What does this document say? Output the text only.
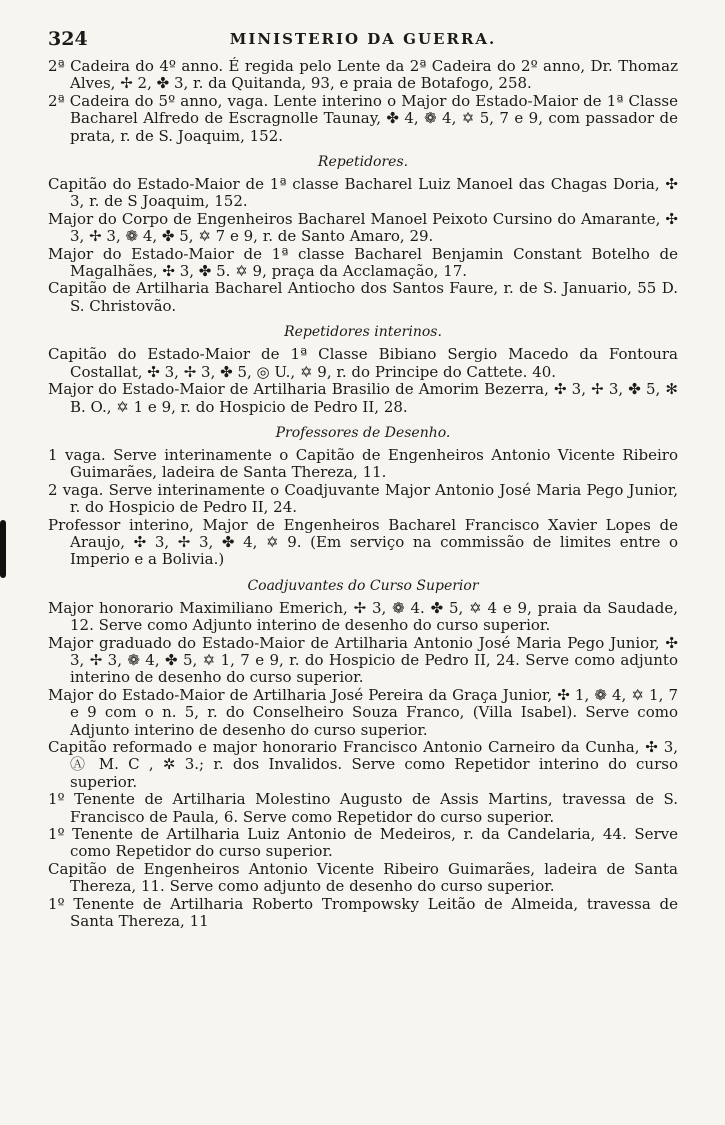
324	MINISTERIO DA GUERRA.

2ª Cadeira do 4º anno. É regida pelo Lente da 2ª Cadeira do 2º anno, Dr. Thomaz Alves, ✢ 2, ✤ 3, r. da Quitanda, 93, e praia de Botafogo, 258.

2ª Cadeira do 5º anno, vaga. Lente interino o Major do Estado-Maior de 1ª Classe Bacharel Alfredo de Escragnolle Taunay, ✤ 4, ❁ 4, ✡ 5, 7 e 9, com passador de prata, r. de S. Joaquim, 152.

Repetidores.

Capitão do Estado-Maior de 1ª classe Bacharel Luiz Manoel das Chagas Doria, ✣ 3, r. de S Joaquim, 152.

Major do Corpo de Engenheiros Bacharel Manoel Peixoto Cursino do Amarante, ✣ 3, ✢ 3, ❁ 4, ✤ 5, ✡ 7 e 9, r. de Santo Amaro, 29.

Major do Estado-Maior de 1ª classe Bacharel Benjamin Constant Botelho de Magalhães, ✣ 3, ✤ 5. ✡ 9, praça da Acclamação, 17.

Capitão de Artilharia Bacharel Antiocho dos Santos Faure, r. de S. Januario, 55 D. S. Christovão.

Repetidores interinos.

Capitão do Estado-Maior de 1ª Classe Bibiano Sergio Macedo da Fontoura Costallat, ✣ 3, ✢ 3, ✤ 5, ◎ U., ✡ 9, r. do Principe do Cattete. 40.

Major do Estado-Maior de Artilharia Brasilio de Amorim Bezerra, ✣ 3, ✢ 3, ✤ 5, ✻ B. O., ✡ 1 e 9, r. do Hospicio de Pedro II, 28.

Professores de Desenho.

1 vaga. Serve interinamente o Capitão de Engenheiros Antonio Vicente Ribeiro Guimarães, ladeira de Santa Thereza, 11.

2 vaga. Serve interinamente o Coadjuvante Major Antonio José Maria Pego Junior, r. do Hospicio de Pedro II, 24.

Professor interino, Major de Engenheiros Bacharel Francisco Xavier Lopes de Araujo, ✣ 3, ✢ 3, ✤ 4, ✡ 9. (Em serviço na commissão de limites entre o Imperio e a Bolivia.)

Coadjuvantes do Curso Superior

Major honorario Maximiliano Emerich, ✢ 3, ❁ 4. ✤ 5, ✡ 4 e 9, praia da Saudade, 12. Serve como Adjunto interino de desenho do curso superior.

Major graduado do Estado-Maior de Artilharia Antonio José Maria Pego Junior, ✣ 3, ✢ 3, ❁ 4, ✤ 5, ✡ 1, 7 e 9, r. do Hospicio de Pedro II, 24. Serve como adjunto interino de desenho do curso superior.

Major do Estado-Maior de Artilharia José Pereira da Graça Junior, ✣ 1, ❁ 4, ✡ 1, 7 e 9 com o n. 5, r. do Conselheiro Souza Franco, (Villa Isabel). Serve como Adjunto interino de desenho do curso superior.

Capitão reformado e major honorario Francisco Antonio Carneiro da Cunha, ✣ 3, Ⓐ M. C , ✲ 3.; r. dos Invalidos. Serve como Repetidor interino do curso superior.

1º Tenente de Artilharia Molestino Augusto de Assis Martins, travessa de S. Francisco de Paula, 6. Serve como Repetidor do curso superior.

1º Tenente de Artilharia Luiz Antonio de Medeiros, r. da Candelaria, 44. Serve como Repetidor do curso superior.

Capitão de Engenheiros Antonio Vicente Ribeiro Guimarães, ladeira de Santa Thereza, 11. Serve como adjunto de desenho do curso superior.

1º Tenente de Artilharia Roberto Trompowsky Leitão de Almeida, travessa de Santa Thereza, 11
